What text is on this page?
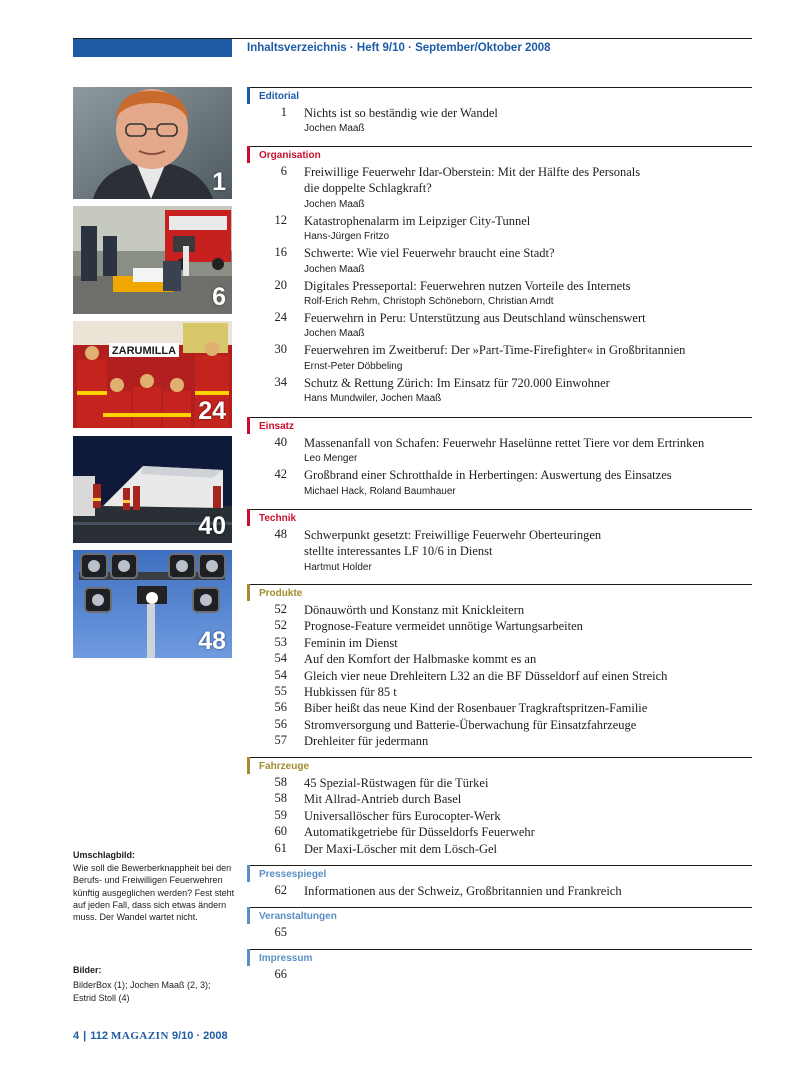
Inhaltsverzeichnis · Heft 9/10 · September/Oktober 2008
1
6
ZARUMILLA
24
40
48
Editorial
1 Nichts ist so beständig wie der Wandel
Jochen Maaß
Organisation
6 Freiwillige Feuerwehr Idar-Oberstein: Mit der Hälfte des Personals
die doppelte Schlagkraft?
Jochen Maaß
12 Katastrophenalarm im Leipziger City-Tunnel
Hans-Jürgen Fritzo
16 Schwerte: Wie viel Feuerwehr braucht eine Stadt?
Jochen Maaß
20 Digitales Presseportal: Feuerwehren nutzen Vorteile des Internets
Rolf-Erich Rehm, Christoph Schöneborn, Christian Arndt
24 Feuerwehrn in Peru: Unterstützung aus Deutschland wünschenswert
Jochen Maaß
30 Feuerwehren im Zweitberuf: Der »Part-Time-Firefighter« in Großbritannien
Ernst-Peter Döbbeling
34 Schutz & Rettung Zürich: Im Einsatz für 720.000 Einwohner
Hans Mundwiler, Jochen Maaß
Einsatz
40 Massenanfall von Schafen: Feuerwehr Haselünne rettet Tiere vor dem Ertrinken
Leo Menger
42 Großbrand einer Schrotthalde in Herbertingen: Auswertung des Einsatzes
Michael Hack, Roland Baumhauer
Technik
48 Schwerpunkt gesetzt: Freiwillige Feuerwehr Oberteuringen
stellte interessantes LF 10/6 in Dienst
Hartmut Holder
Produkte
52 Dönauwörth und Konstanz mit Knickleitern
52 Prognose-Feature vermeidet unnötige Wartungsarbeiten
53 Feminin im Dienst
54 Auf den Komfort der Halbmaske kommt es an
54 Gleich vier neue Drehleitern L32 an die BF Düsseldorf auf einen Streich
55 Hubkissen für 85 t
56 Biber heißt das neue Kind der Rosenbauer Tragkraftspritzen-Familie
56 Stromversorgung und Batterie-Überwachung für Einsatzfahrzeuge
57 Drehleiter für jedermann
Fahrzeuge
58 45 Spezial-Rüstwagen für die Türkei
58 Mit Allrad-Antrieb durch Basel
59 Universallöscher fürs Eurocopter-Werk
60 Automatikgetriebe für Düsseldorfs Feuerwehr
61 Der Maxi-Löscher mit dem Lösch-Gel
Pressespiegel
62 Informationen aus der Schweiz, Großbritannien und Frankreich
Veranstaltungen
65

Impressum
66

Umschlagbild:
Wie soll die Bewerberknappheit bei den Berufs- und Freiwilligen Feuerwehren künftig ausgeglichen werden? Fest steht auf jeden Fall, dass sich etwas ändern muss. Der Wandel wartet nicht.
Bilder:
BilderBox (1); Jochen Maaß (2, 3);
Estrid Stoll (4)
4 | 112 MAGAZIN 9/10 · 2008
